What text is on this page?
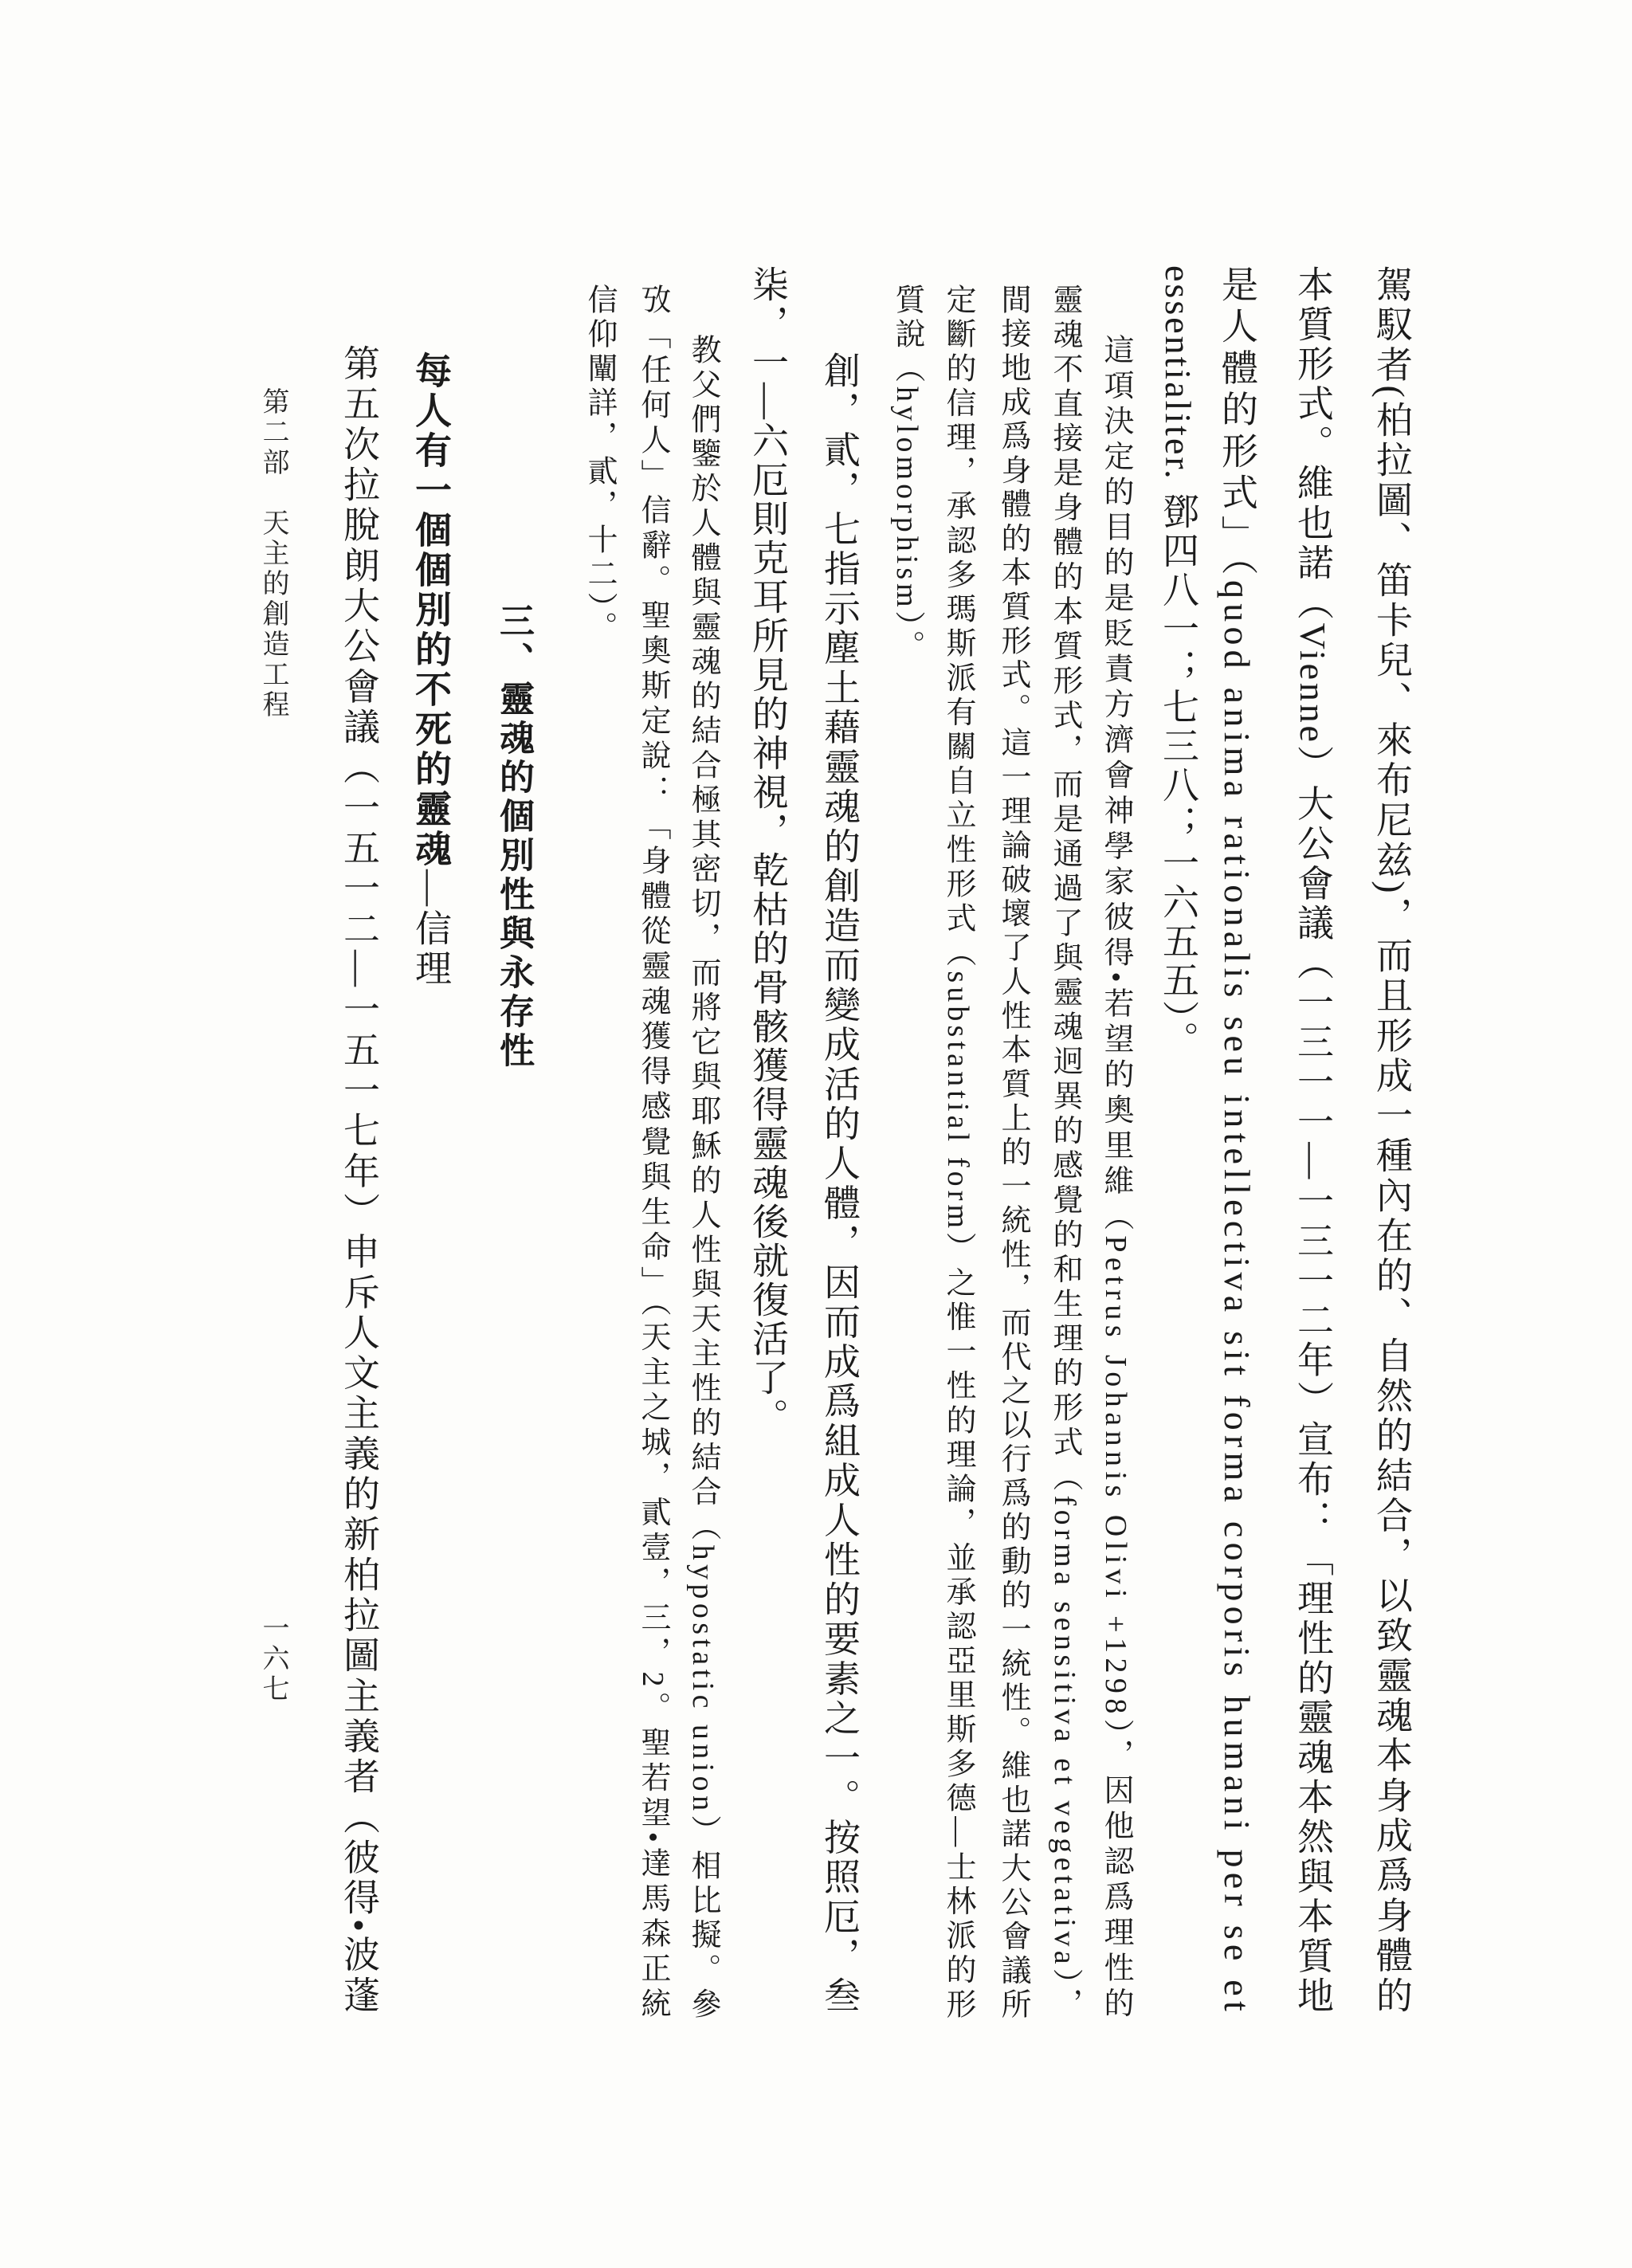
駕馭者(柏拉圖、笛卡兒、來布尼兹)，而且形成一種內在的、自然的結合，以致靈魂本身成爲身體的
本質形式。維也諾（Vienne）大公會議（一三一一—一三一二年）宣布：「理性的靈魂本然與本質地
是人體的形式」（quod anima rationalis seu intellectiva sit forma corporis humani per se et
essentialiter. 鄧四八一；七三八；一六五五）。
這項決定的目的是貶責方濟會神學家彼得•若望的奧里維（Petrus Johannis Olivi +1298），因他認爲理性的
靈魂不直接是身體的本質形式，而是通過了與靈魂迥異的感覺的和生理的形式（forma sensitiva et vegetativa），
間接地成爲身體的本質形式。這一理論破壞了人性本質上的一統性，而代之以行爲的動的一統性。維也諾大公會議所
定斷的信理，承認多瑪斯派有關自立性形式（substantial form）之惟一性的理論，並承認亞里斯多德—士林派的形
質說（hylomorphism）。
創，貳，七指示塵土藉靈魂的創造而變成活的人體，因而成爲組成人性的要素之一。按照厄，叁
柒，一—六厄則克耳所見的神視，乾枯的骨骸獲得靈魂後就復活了。
教父們鑒於人體與靈魂的結合極其密切，而將它與耶穌的人性與天主性的結合（hypostatic union）相比擬。參
攷「任何人」信辭。聖奧斯定說：「身體從靈魂獲得感覺與生命」（天主之城，貳壹，三，2。聖若望•達馬森正統
信仰闡詳，貳，十二）。
三、靈魂的個別性與永存性
每人有一個個別的不死的靈魂—信理
第五次拉脫朗大公會議（一五一二—一五一七年）申斥人文主義的新柏拉圖主義者（彼得•波蓬
第二部　天主的創造工程
一六七
